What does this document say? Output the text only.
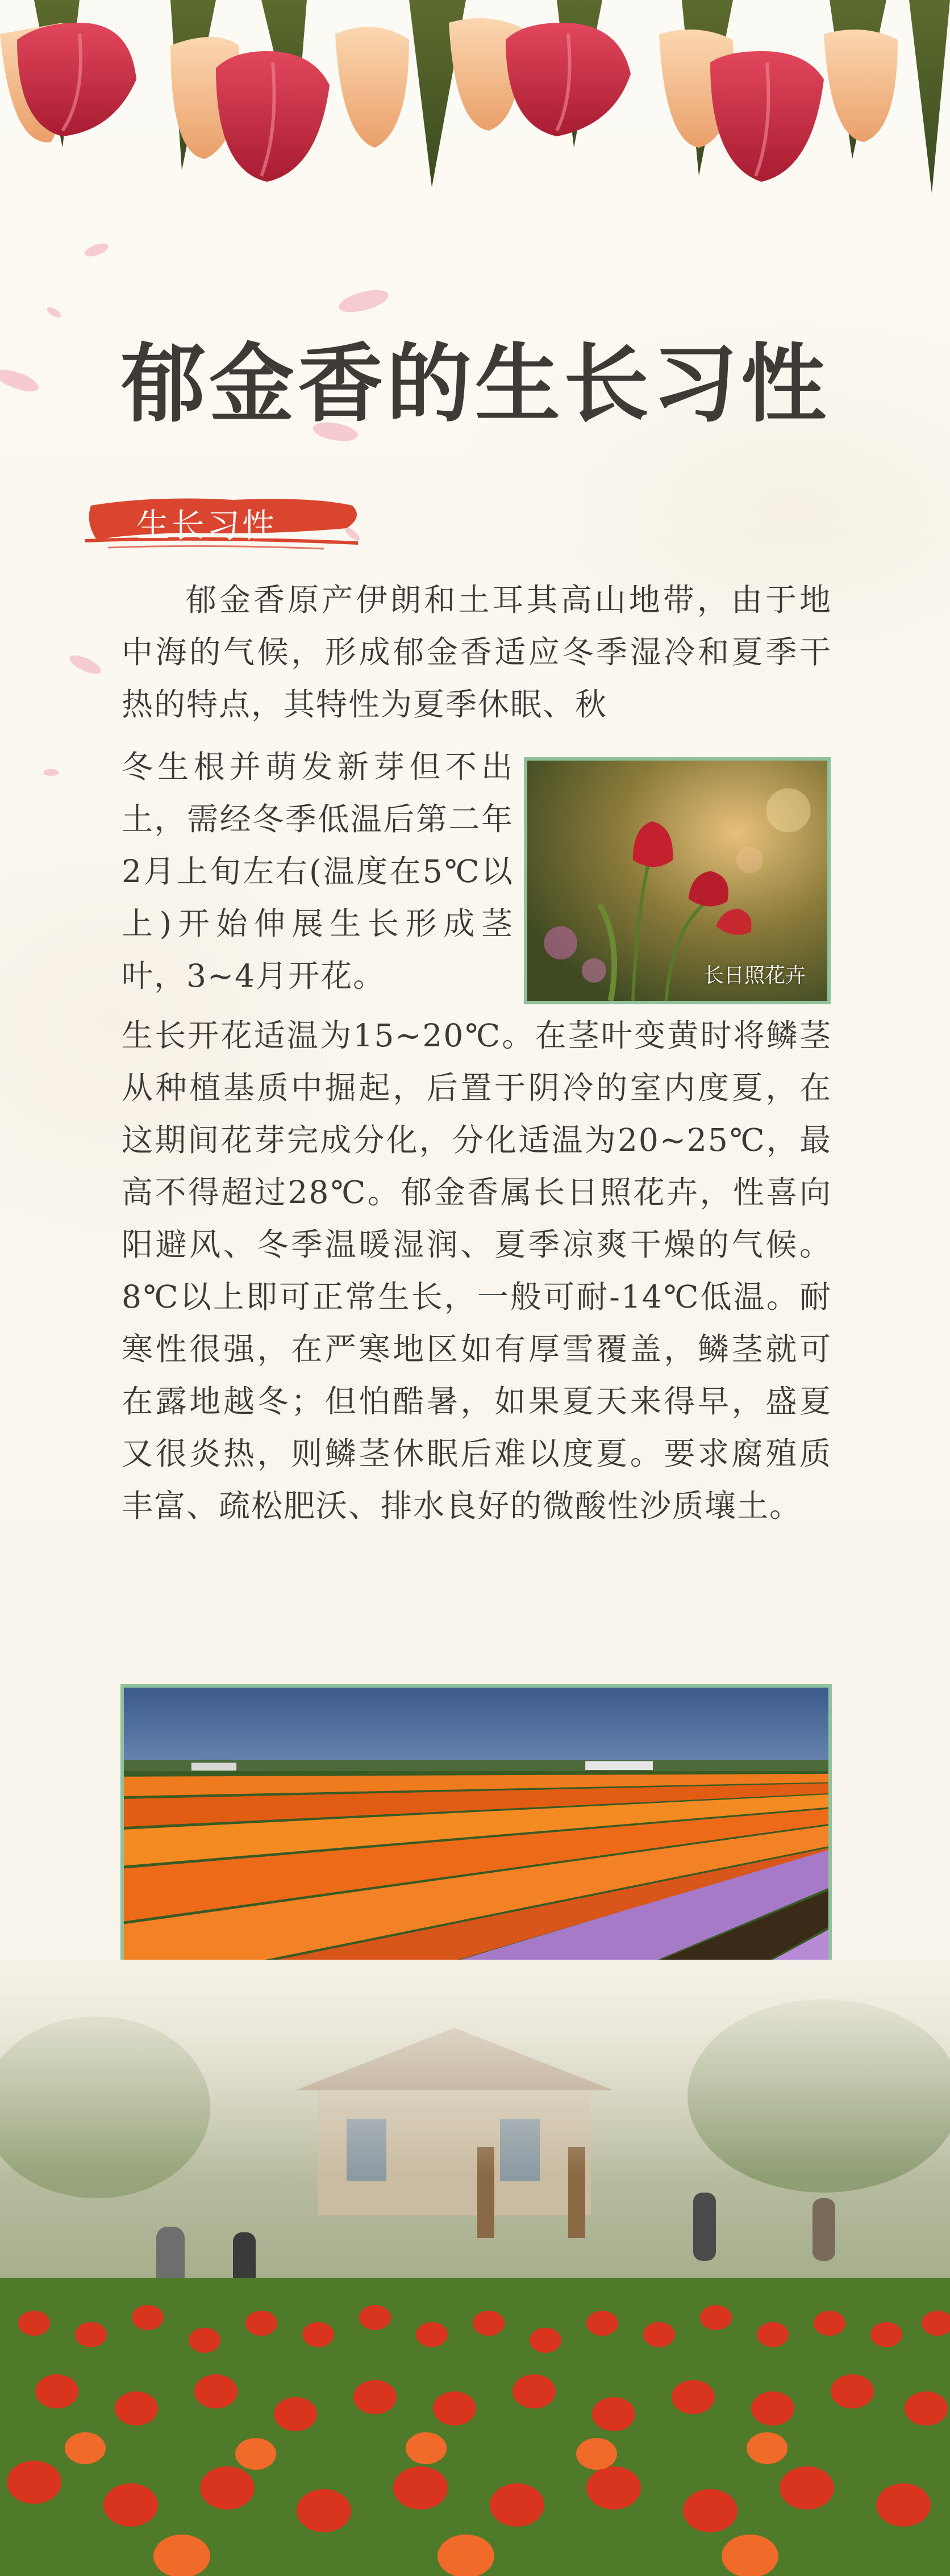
郁金香的生长习性
生长习性
郁金香原产伊朗和土耳其高山地带，由于地中海的气候，形成郁金香适应冬季湿冷和夏季干热的特点，其特性为夏季休眠、秋
冬生根并萌发新芽但不出土，需经冬季低温后第二年2月上旬左右(温度在5℃以上)开始伸展生长形成茎叶，3~4月开花。	长日照花卉
生长开花适温为15~20℃。在茎叶变黄时将鳞茎从种植基质中掘起，后置于阴冷的室内度夏，在这期间花芽完成分化，分化适温为20~25℃，最高不得超过28℃。郁金香属长日照花卉，性喜向阳避风、冬季温暖湿润、夏季凉爽干燥的气候。8℃以上即可正常生长，一般可耐-14℃低温。耐寒性很强，在严寒地区如有厚雪覆盖，鳞茎就可在露地越冬；但怕酷暑，如果夏天来得早，盛夏又很炎热，则鳞茎休眠后难以度夏。要求腐殖质丰富、疏松肥沃、排水良好的微酸性沙质壤土。
